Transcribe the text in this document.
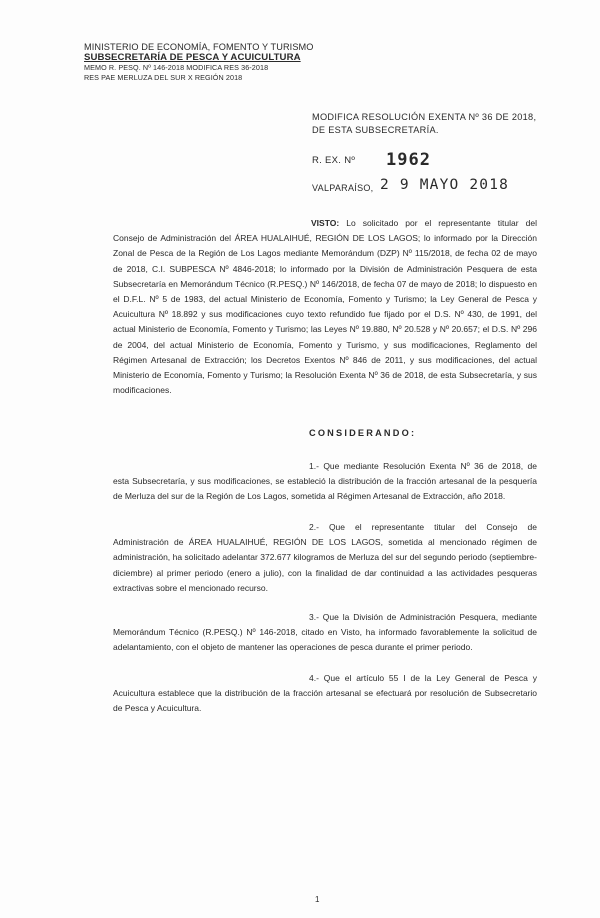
MINISTERIO DE ECONOMÍA, FOMENTO Y TURISMO
SUBSECRETARÍA DE PESCA Y ACUICULTURA
MEMO R. PESQ. Nº 146-2018 MODIFICA RES 36-2018
RES PAE MERLUZA DEL SUR X REGIÓN 2018
MODIFICA RESOLUCIÓN EXENTA Nº 36 DE 2018, DE ESTA SUBSECRETARÍA.
R. EX. Nº 1962
VALPARAÍSO, 2 9 MAYO 2018
VISTO: Lo solicitado por el representante titular del Consejo de Administración del ÁREA HUALAIHUÉ, REGIÓN DE LOS LAGOS; lo informado por la Dirección Zonal de Pesca de la Región de Los Lagos mediante Memorándum (DZP) Nº 115/2018, de fecha 02 de mayo de 2018, C.I. SUBPESCA Nº 4846-2018; lo informado por la División de Administración Pesquera de esta Subsecretaría en Memorándum Técnico (R.PESQ.) Nº 146/2018, de fecha 07 de mayo de 2018; lo dispuesto en el D.F.L. Nº 5 de 1983, del actual Ministerio de Economía, Fomento y Turismo; la Ley General de Pesca y Acuicultura Nº 18.892 y sus modificaciones cuyo texto refundido fue fijado por el D.S. Nº 430, de 1991, del actual Ministerio de Economía, Fomento y Turismo; las Leyes Nº 19.880, Nº 20.528 y Nº 20.657; el D.S. Nº 296 de 2004, del actual Ministerio de Economía, Fomento y Turismo, y sus modificaciones, Reglamento del Régimen Artesanal de Extracción; los Decretos Exentos Nº 846 de 2011, y sus modificaciones, del actual Ministerio de Economía, Fomento y Turismo; la Resolución Exenta Nº 36 de 2018, de esta Subsecretaría, y sus modificaciones.
CONSIDERANDO:
1.- Que mediante Resolución Exenta Nº 36 de 2018, de esta Subsecretaría, y sus modificaciones, se estableció la distribución de la fracción artesanal de la pesquería de Merluza del sur de la Región de Los Lagos, sometida al Régimen Artesanal de Extracción, año 2018.
2.- Que el representante titular del Consejo de Administración de ÁREA HUALAIHUÉ, REGIÓN DE LOS LAGOS, sometida al mencionado régimen de administración, ha solicitado adelantar 372.677 kilogramos de Merluza del sur del segundo periodo (septiembre-diciembre) al primer periodo (enero a julio), con la finalidad de dar continuidad a las actividades pesqueras extractivas sobre el mencionado recurso.
3.- Que la División de Administración Pesquera, mediante Memorándum Técnico (R.PESQ.) Nº 146-2018, citado en Visto, ha informado favorablemente la solicitud de adelantamiento, con el objeto de mantener las operaciones de pesca durante el primer periodo.
4.- Que el artículo 55 I de la Ley General de Pesca y Acuicultura establece que la distribución de la fracción artesanal se efectuará por resolución de Subsecretario de Pesca y Acuicultura.
1
